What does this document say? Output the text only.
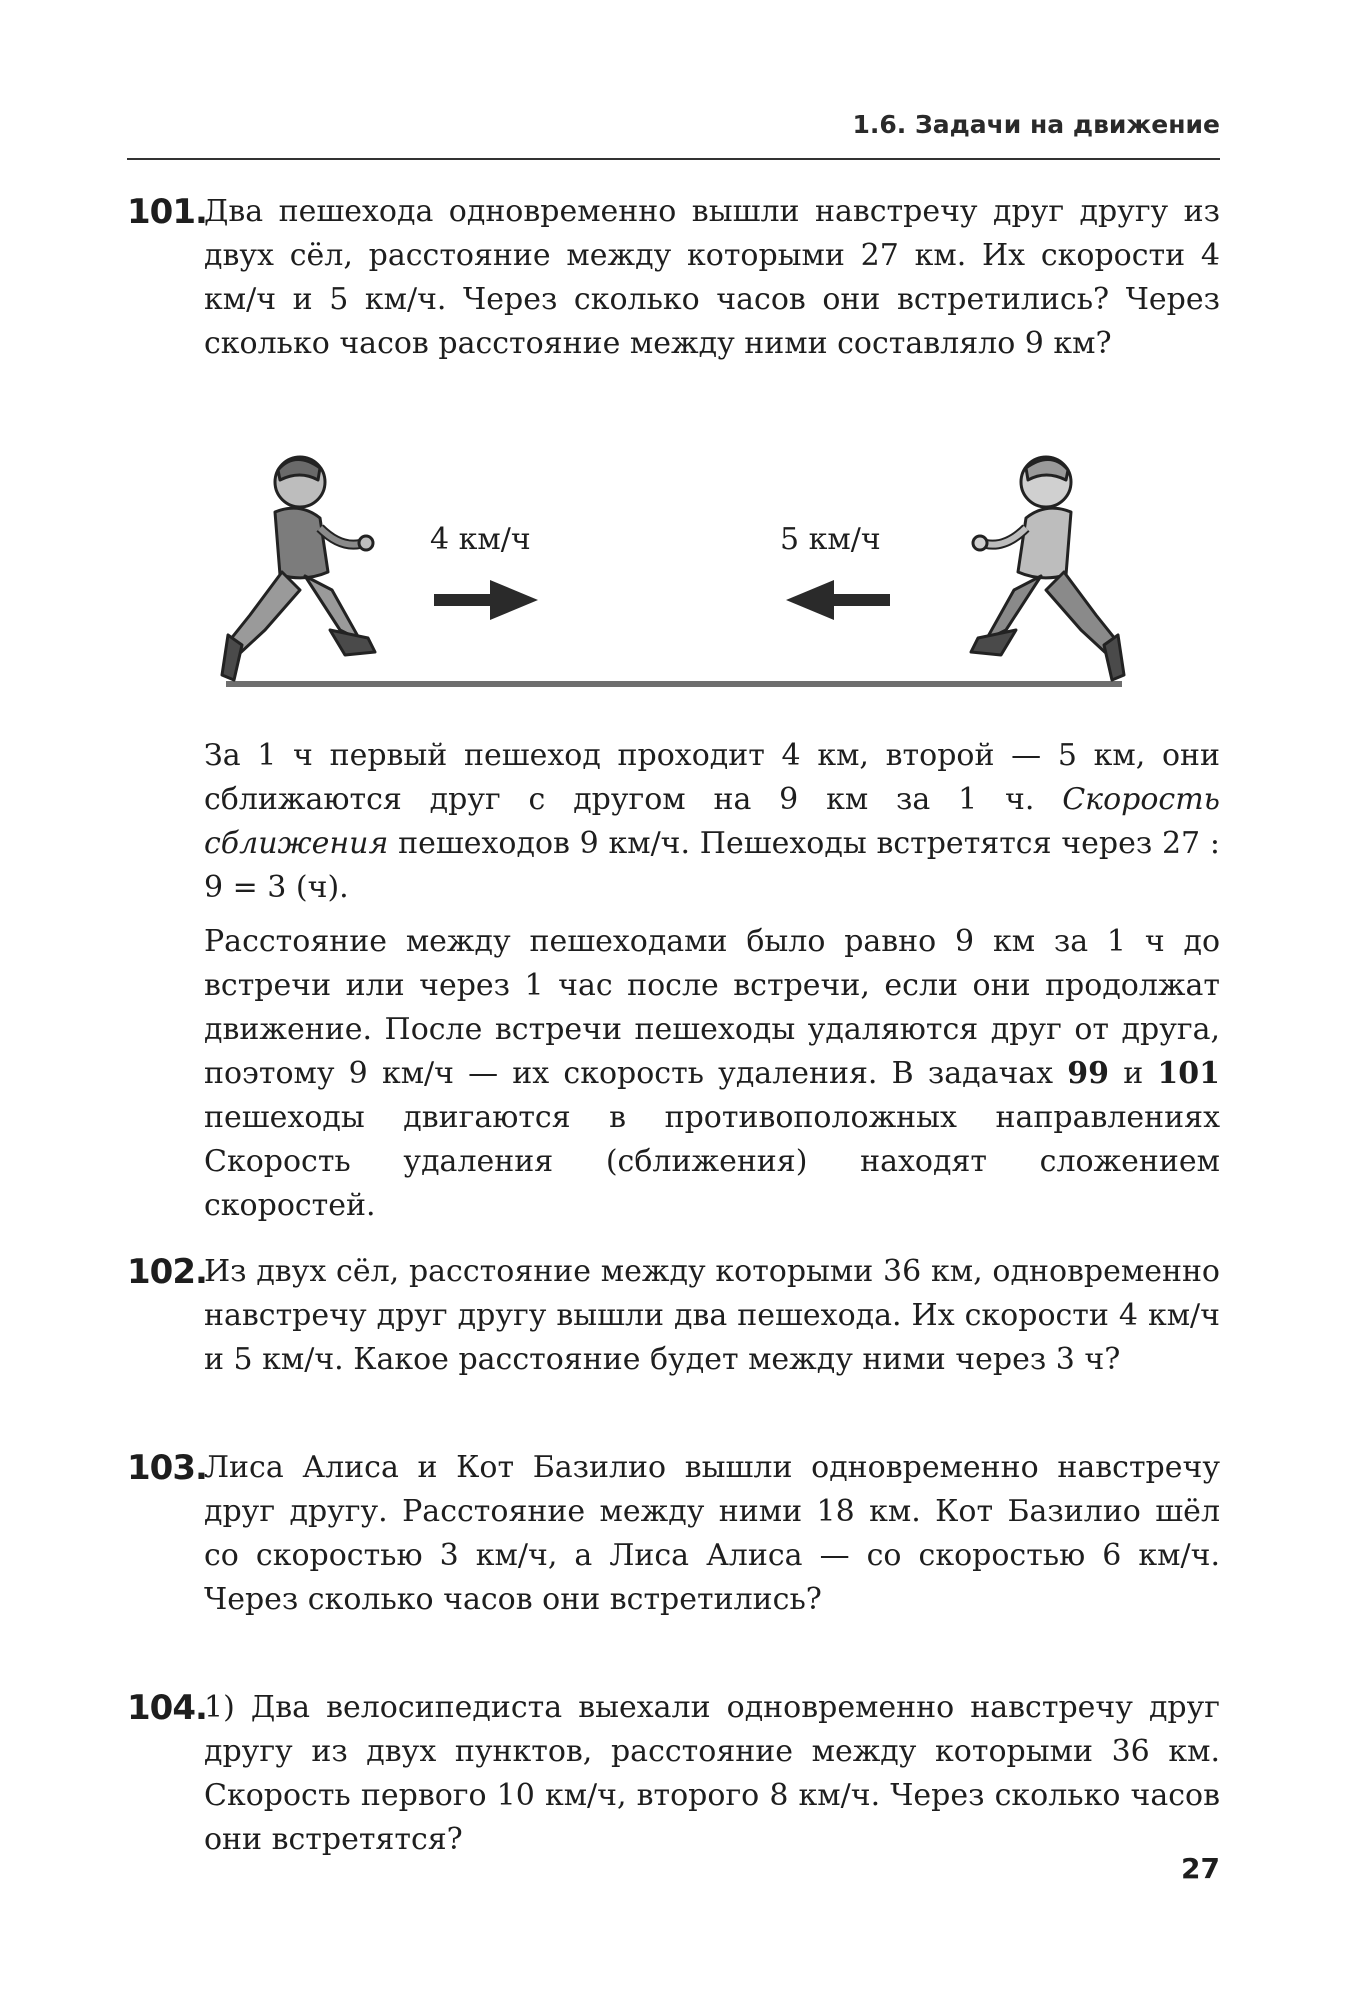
1.6. Задачи на движение
101.
Два пешехода одновременно вышли навстречу друг другу из двух сёл, расстояние между которыми 27 км. Их скорости 4 км/ч и 5 км/ч. Через сколько часов они встретились? Через сколько часов расстояние между ними составляло 9 км?
4 км/ч	5 км/ч
За 1 ч первый пешеход проходит 4 км, второй — 5 км, они сближаются друг с другом на 9 км за 1 ч. Скорость сближения пешеходов 9 км/ч. Пешеходы встретятся через 27 : 9 = 3 (ч).
Расстояние между пешеходами было равно 9 км за 1 ч до встречи или через 1 час после встречи, если они продолжат движение. После встречи пешеходы удаляются друг от друга, поэтому 9 км/ч — их скорость удаления. В задачах 99 и 101 пешеходы двигаются в противоположных направлениях Скорость удаления (сближения) находят сложением скоростей.
102.
Из двух сёл, расстояние между которыми 36 км, одновременно навстречу друг другу вышли два пешехода. Их скорости 4 км/ч и 5 км/ч. Какое расстояние будет между ними через 3 ч?
103.
Лиса Алиса и Кот Базилио вышли одновременно навстречу друг другу. Расстояние между ними 18 км. Кот Базилио шёл со скоростью 3 км/ч, а Лиса Алиса — со скоростью 6 км/ч. Через сколько часов они встретились?
104.
1) Два велосипедиста выехали одновременно навстречу друг другу из двух пунктов, расстояние между которыми 36 км. Скорость первого 10 км/ч, второго 8 км/ч. Через сколько часов они встретятся?
27
